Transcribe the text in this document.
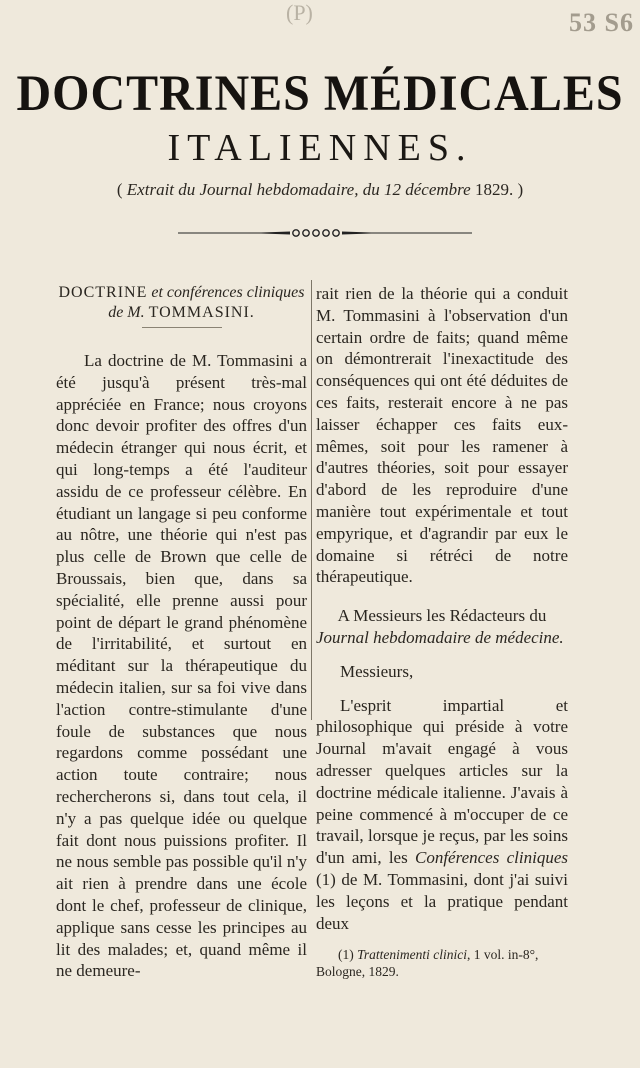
(P)	53 S6
DOCTRINES MÉDICALES
ITALIENNES.
( Extrait du Journal hebdomadaire, du 12 décembre 1829. )
DOCTRINE et conférences cliniques
de M. TOMMASINI.

La doctrine de M. Tommasini a été jusqu'à présent très-mal appréciée en France; nous croyons donc devoir profiter des offres d'un médecin étranger qui nous écrit, et qui long-temps a été l'auditeur assidu de ce professeur célèbre. En étudiant un langage si peu conforme au nôtre, une théorie qui n'est pas plus celle de Brown que celle de Broussais, bien que, dans sa spécialité, elle prenne aussi pour point de départ le grand phénomène de l'irritabilité, et surtout en méditant sur la thérapeutique du médecin italien, sur sa foi vive dans l'action contre-stimulante d'une foule de substances que nous regardons comme possédant une action toute contraire; nous rechercherons si, dans tout cela, il n'y a pas quelque idée ou quelque fait dont nous puissions profiter. Il ne nous semble pas possible qu'il n'y ait rien à prendre dans une école dont le chef, professeur de clinique, applique sans cesse les principes au lit des malades; et, quand même il ne demeure-

rait rien de la théorie qui a conduit M. Tommasini à l'observation d'un certain ordre de faits; quand même on démontrerait l'inexactitude des conséquences qui ont été déduites de ces faits, resterait encore à ne pas laisser échapper ces faits eux-mêmes, soit pour les ramener à d'autres théories, soit pour essayer d'abord de les reproduire d'une manière tout expérimentale et tout empyrique, et d'agrandir par eux le domaine si rétréci de notre thérapeutique.

A Messieurs les Rédacteurs du
Journal hebdomadaire de médecine.

Messieurs,

L'esprit impartial et philosophique qui préside à votre Journal m'avait engagé à vous adresser quelques articles sur la doctrine médicale italienne. J'avais à peine commencé à m'occuper de ce travail, lorsque je reçus, par les soins d'un ami, les Conférences cliniques (1) de M. Tommasini, dont j'ai suivi les leçons et la pratique pendant deux

(1) Trattenimenti clinici, 1 vol. in-8°, Bologne, 1829.
